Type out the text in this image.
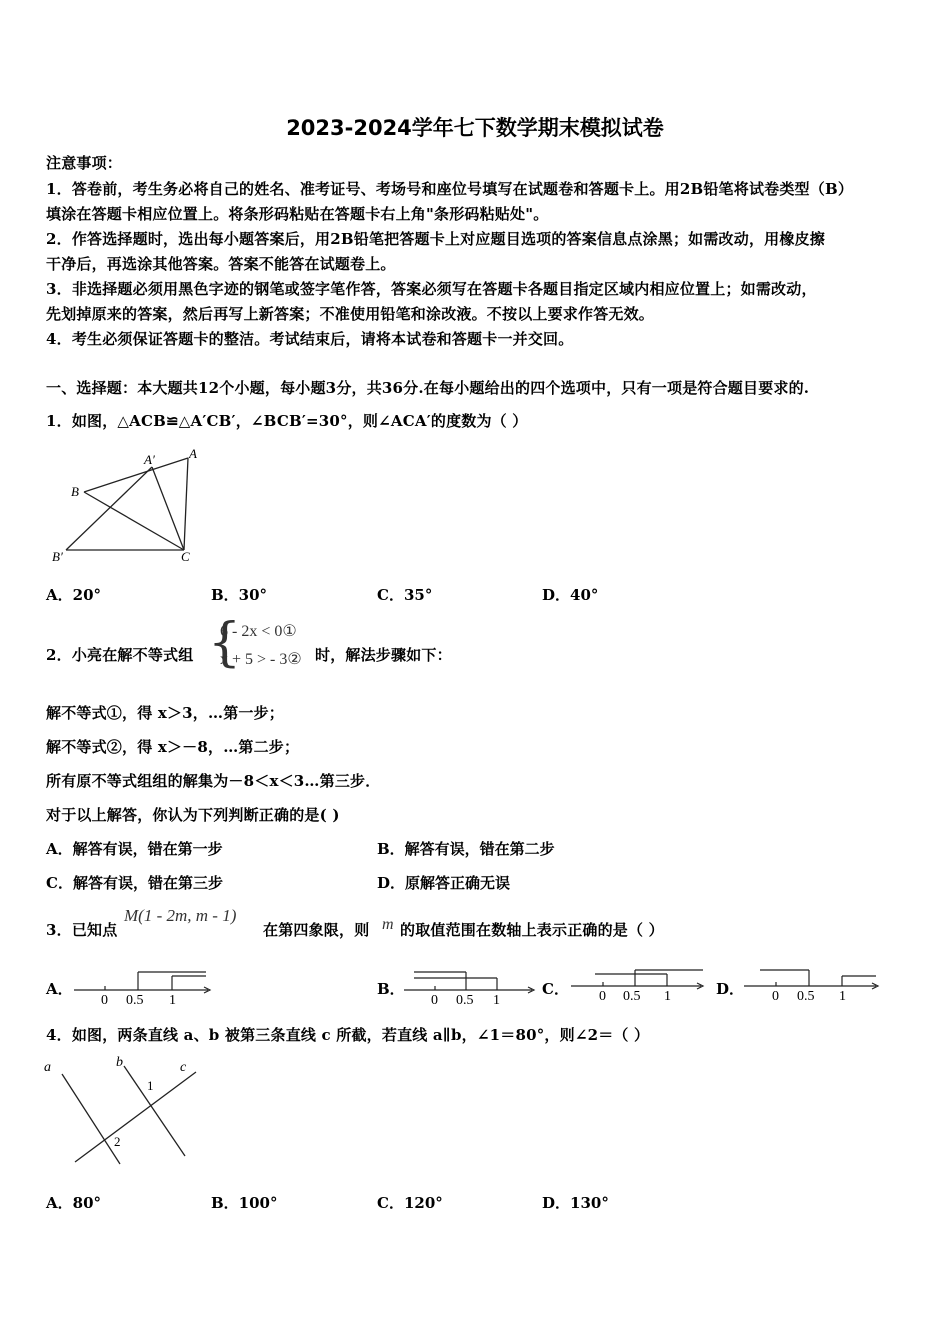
2023-2024学年七下数学期末模拟试卷
注意事项：
1．答卷前，考生务必将自己的姓名、准考证号、考场号和座位号填写在试题卷和答题卡上。用2B铅笔将试卷类型（B）
填涂在答题卡相应位置上。将条形码粘贴在答题卡右上角"条形码粘贴处"。
2．作答选择题时，选出每小题答案后，用2B铅笔把答题卡上对应题目选项的答案信息点涂黑；如需改动，用橡皮擦
干净后，再选涂其他答案。答案不能答在试题卷上。
3．非选择题必须用黑色字迹的钢笔或签字笔作答，答案必须写在答题卡各题目指定区域内相应位置上；如需改动，
先划掉原来的答案，然后再写上新答案；不准使用铅笔和涂改液。不按以上要求作答无效。
4．考生必须保证答题卡的整洁。考试结束后，请将本试卷和答题卡一并交回。
一、选择题：本大题共12个小题，每小题3分，共36分.在每小题给出的四个选项中，只有一项是符合题目要求的.
1．如图，△ACB≌△A′CB′，∠BCB′=30°，则∠ACA′的度数为（ ）
A′	A
B
B′	C
A．20°	B．30°	C．35°	D．40°
2．小亮在解不等式组 {
6 - 2x < 0①
x + 5 > - 3② 时，解法步骤如下：
解不等式①，得 x＞3，…第一步；
解不等式②，得 x＞－8，…第二步；
所有原不等式组组的解集为－8＜x＜3…第三步．
对于以上解答，你认为下列判断正确的是( )
A．解答有误，错在第一步	B．解答有误，错在第二步
C．解答有误，错在第三步	D．原解答正确无误
3．已知点
M(1 - 2m, m - 1)
在第四象限，则 m 的取值范围在数轴上表示正确的是（ ）
A．
0 0.5 1
B．
0 0.5 1
C． 0 0.5 1	D． 0 0.5 1
4．如图，两条直线 a、b 被第三条直线 c 所截，若直线 a∥b，∠1＝80°，则∠2＝（ ）
a	b	c
1
2
A．80°	B．100°	C．120°	D．130°
